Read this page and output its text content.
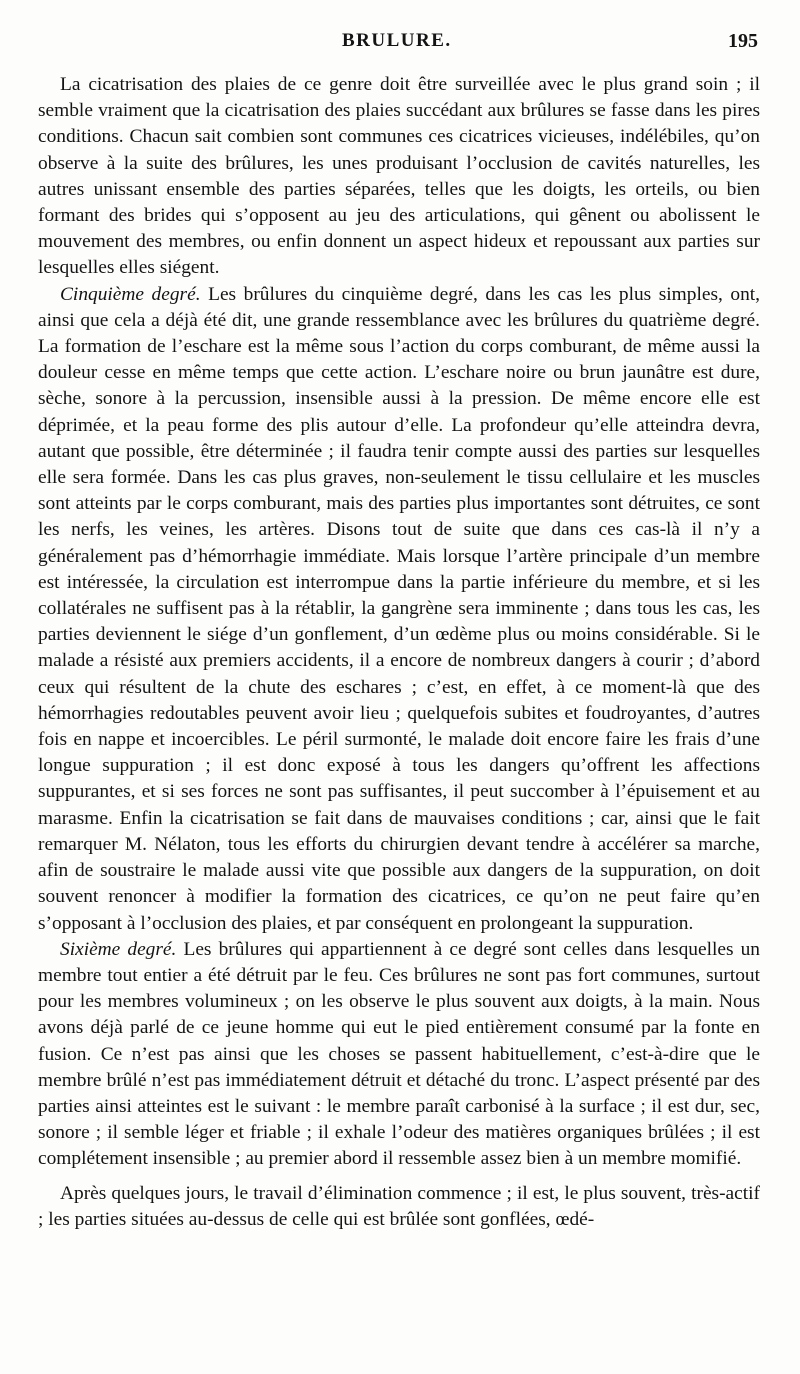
BRULURE.	195

La cicatrisation des plaies de ce genre doit être surveillée avec le plus grand soin ; il semble vraiment que la cicatrisation des plaies succédant aux brûlures se fasse dans les pires conditions. Chacun sait combien sont communes ces cicatrices vicieuses, indélébiles, qu’on observe à la suite des brûlures, les unes produisant l’occlusion de cavités naturelles, les autres unissant ensemble des parties séparées, telles que les doigts, les orteils, ou bien formant des brides qui s’opposent au jeu des articulations, qui gênent ou abolissent le mouvement des membres, ou enfin donnent un aspect hideux et repoussant aux parties sur lesquelles elles siégent.

Cinquième degré. Les brûlures du cinquième degré, dans les cas les plus simples, ont, ainsi que cela a déjà été dit, une grande ressemblance avec les brûlures du quatrième degré. La formation de l’eschare est la même sous l’action du corps comburant, de même aussi la douleur cesse en même temps que cette action. L’eschare noire ou brun jaunâtre est dure, sèche, sonore à la percussion, insensible aussi à la pression. De même encore elle est déprimée, et la peau forme des plis autour d’elle. La profondeur qu’elle atteindra devra, autant que possible, être déterminée ; il faudra tenir compte aussi des parties sur lesquelles elle sera formée. Dans les cas plus graves, non-seulement le tissu cellulaire et les muscles sont atteints par le corps comburant, mais des parties plus importantes sont détruites, ce sont les nerfs, les veines, les artères. Disons tout de suite que dans ces cas-là il n’y a généralement pas d’hémorrhagie immédiate. Mais lorsque l’artère principale d’un membre est intéressée, la circulation est interrompue dans la partie inférieure du membre, et si les collatérales ne suffisent pas à la rétablir, la gangrène sera imminente ; dans tous les cas, les parties deviennent le siége d’un gonflement, d’un œdème plus ou moins considérable. Si le malade a résisté aux premiers accidents, il a encore de nombreux dangers à courir ; d’abord ceux qui résultent de la chute des eschares ; c’est, en effet, à ce moment-là que des hémorrhagies redoutables peuvent avoir lieu ; quelquefois subites et foudroyantes, d’autres fois en nappe et incoercibles. Le péril surmonté, le malade doit encore faire les frais d’une longue suppuration ; il est donc exposé à tous les dangers qu’offrent les affections suppurantes, et si ses forces ne sont pas suffisantes, il peut succomber à l’épuisement et au marasme. Enfin la cicatrisation se fait dans de mauvaises conditions ; car, ainsi que le fait remarquer M. Nélaton, tous les efforts du chirurgien devant tendre à accélérer sa marche, afin de soustraire le malade aussi vite que possible aux dangers de la suppuration, on doit souvent renoncer à modifier la formation des cicatrices, ce qu’on ne peut faire qu’en s’opposant à l’occlusion des plaies, et par conséquent en prolongeant la suppuration.

Sixième degré. Les brûlures qui appartiennent à ce degré sont celles dans lesquelles un membre tout entier a été détruit par le feu. Ces brûlures ne sont pas fort communes, surtout pour les membres volumineux ; on les observe le plus souvent aux doigts, à la main. Nous avons déjà parlé de ce jeune homme qui eut le pied entièrement consumé par la fonte en fusion. Ce n’est pas ainsi que les choses se passent habituellement, c’est-à-dire que le membre brûlé n’est pas immédiatement détruit et détaché du tronc. L’aspect présenté par des parties ainsi atteintes est le suivant : le membre paraît carbonisé à la surface ; il est dur, sec, sonore ; il semble léger et friable ; il exhale l’odeur des matières organiques brûlées ; il est complétement insensible ; au premier abord il ressemble assez bien à un membre momifié.

Après quelques jours, le travail d’élimination commence ; il est, le plus souvent, très-actif ; les parties situées au-dessus de celle qui est brûlée sont gonflées, œdé-
